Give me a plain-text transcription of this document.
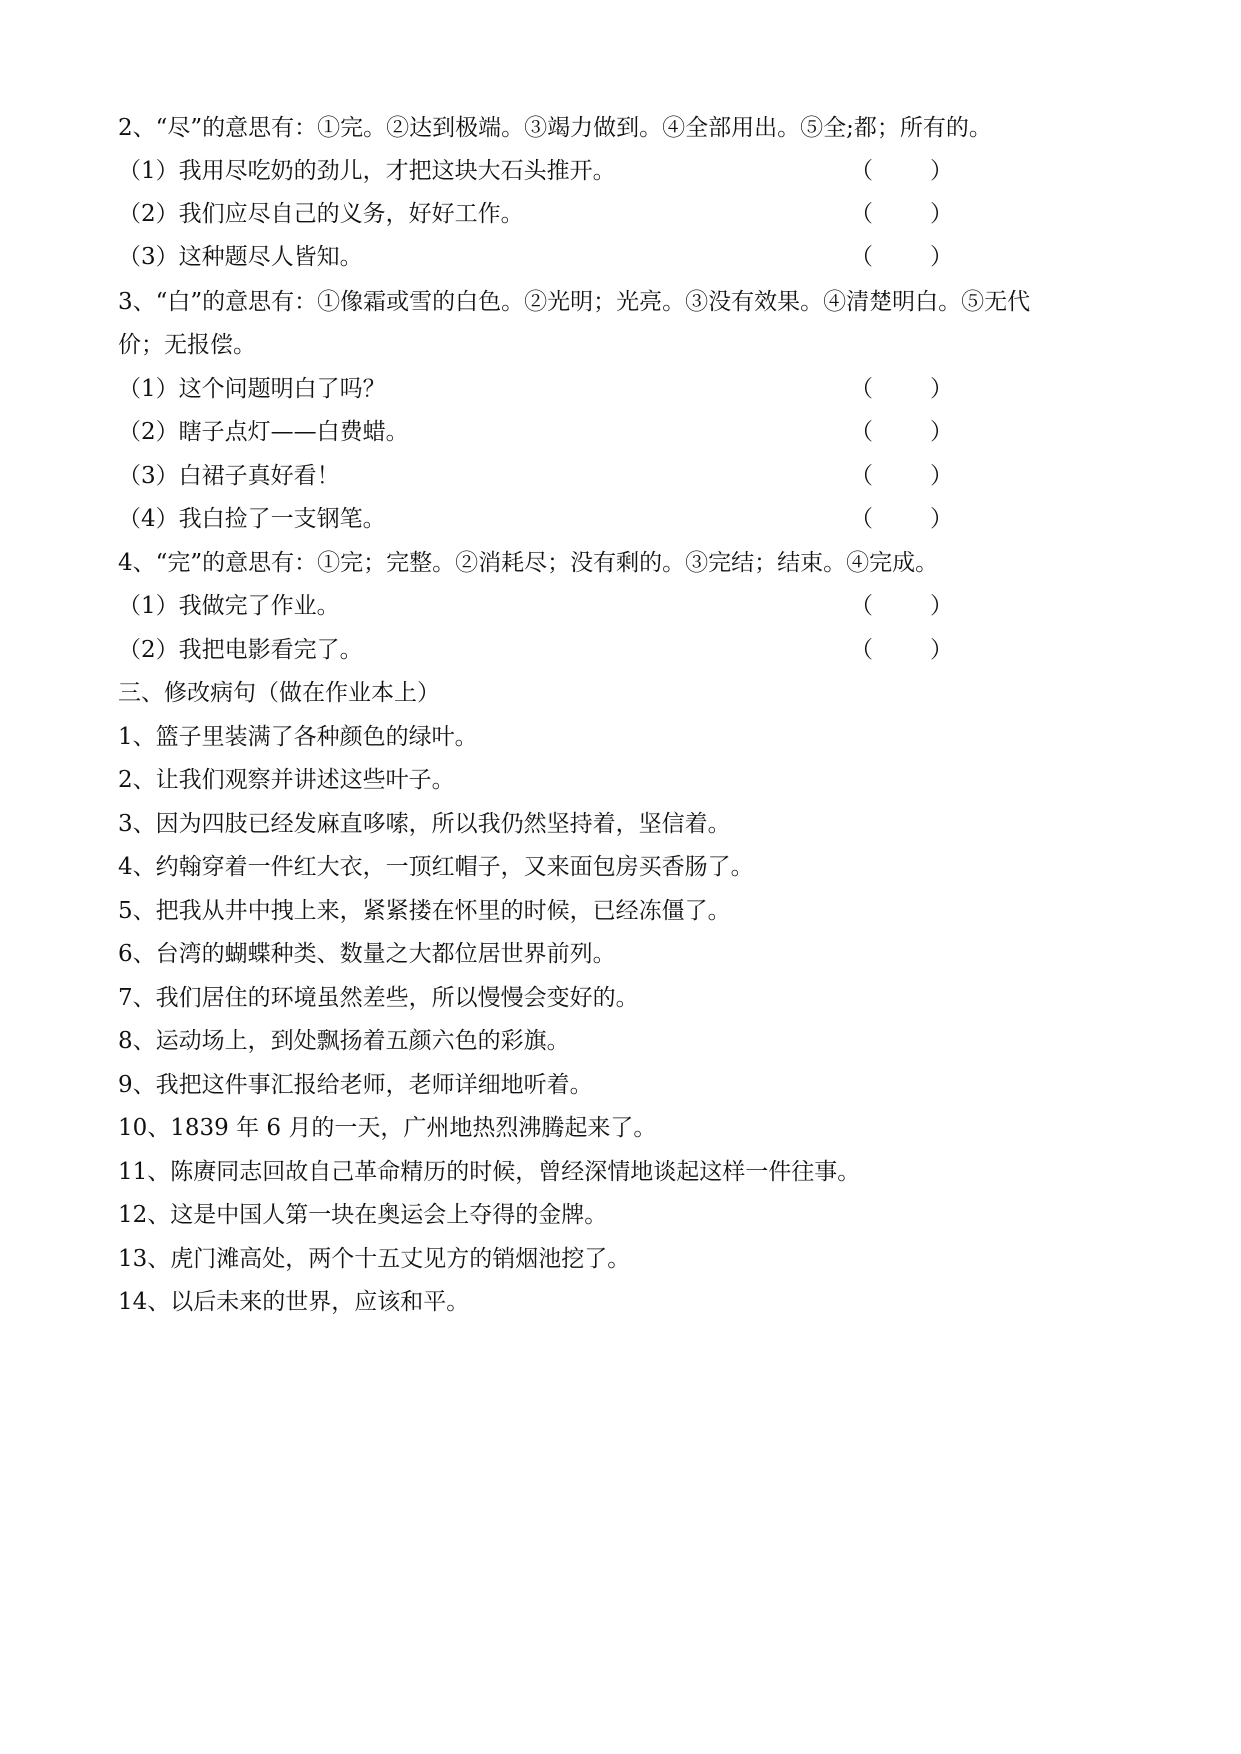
2、“尽”的意思有：①完。②达到极端。③竭力做到。④全部用出。⑤全;都；所有的。
（1）我用尽吃奶的劲儿，才把这块大石头推开。	（ ）
（2）我们应尽自己的义务，好好工作。	（ ）
（3）这种题尽人皆知。	（ ）
3、“白”的意思有：①像霜或雪的白色。②光明；光亮。③没有效果。④清楚明白。⑤无代
价；无报偿。
（1）这个问题明白了吗？	（ ）
（2）瞎子点灯——白费蜡。	（ ）
（3）白裙子真好看！	（ ）
（4）我白捡了一支钢笔。	（ ）
4、“完”的意思有：①完；完整。②消耗尽；没有剩的。③完结；结束。④完成。
（1）我做完了作业。	（ ）
（2）我把电影看完了。	（ ）
三、修改病句（做在作业本上）
1、篮子里装满了各种颜色的绿叶。
2、让我们观察并讲述这些叶子。
3、因为四肢已经发麻直哆嗦，所以我仍然坚持着，坚信着。
4、约翰穿着一件红大衣，一顶红帽子，又来面包房买香肠了。
5、把我从井中拽上来，紧紧搂在怀里的时候，已经冻僵了。
6、台湾的蝴蝶种类、数量之大都位居世界前列。
7、我们居住的环境虽然差些，所以慢慢会变好的。
8、运动场上，到处飘扬着五颜六色的彩旗。
9、我把这件事汇报给老师，老师详细地听着。
10、1839 年 6 月的一天，广州地热烈沸腾起来了。
11、陈赓同志回故自己革命精历的时候，曾经深情地谈起这样一件往事。
12、这是中国人第一块在奥运会上夺得的金牌。
13、虎门滩高处，两个十五丈见方的销烟池挖了。
14、以后未来的世界，应该和平。
